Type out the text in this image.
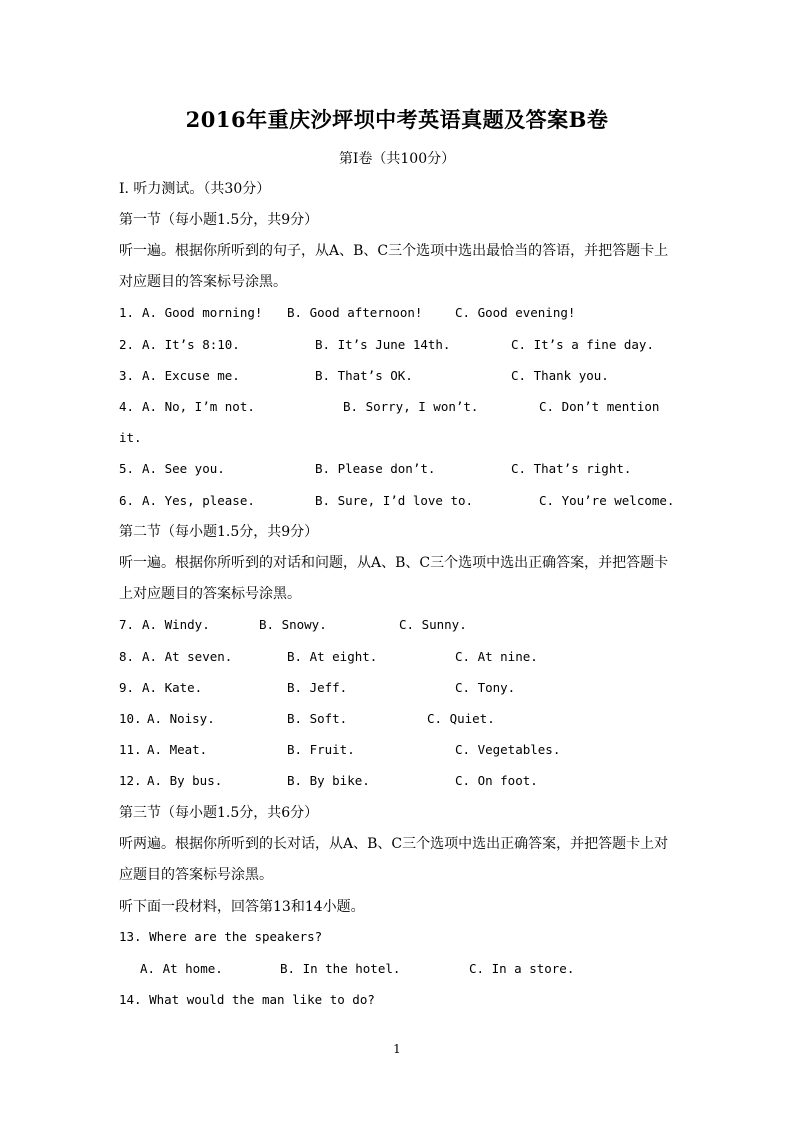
2016年重庆沙坪坝中考英语真题及答案B卷
第Ⅰ卷（共100分）
Ⅰ. 听力测试。（共30分）
第一节（每小题1.5分，共9分）
听一遍。根据你所听到的句子，从A、B、C三个选项中选出最恰当的答语，并把答题卡上
对应题目的答案标号涂黑。
1. A. Good morning! B. Good afternoon!	C. Good evening!
2. A. It’s 8:10.	B. It’s June 14th.	C. It’s a fine day.
3. A. Excuse me.	B. That’s OK.	C. Thank you.
4. A. No, I’m not.	B. Sorry, I won’t.	C. Don’t mention
it.
5. A. See you.	B. Please don’t.	C. That’s right.
6. A. Yes, please.	B. Sure, I’d love to.	C. You’re welcome.
第二节（每小题1.5分，共9分）
听一遍。根据你所听到的对话和问题，从A、B、C三个选项中选出正确答案，并把答题卡
上对应题目的答案标号涂黑。
7. A. Windy.	B. Snowy.	C. Sunny.
8. A. At seven.	B. At eight.	C. At nine.
9. A. Kate.	B. Jeff.	C. Tony.
10. A. Noisy.	B. Soft.	C. Quiet.
11. A. Meat.	B. Fruit.	C. Vegetables.
12. A. By bus.	B. By bike.	C. On foot.
第三节（每小题1.5分，共6分）
听两遍。根据你所听到的长对话，从A、B、C三个选项中选出正确答案，并把答题卡上对
应题目的答案标号涂黑。
听下面一段材料，回答第13和14小题。
13. Where are the speakers?
A. At home.	B. In the hotel.	C. In a store.
14. What would the man like to do?
1
